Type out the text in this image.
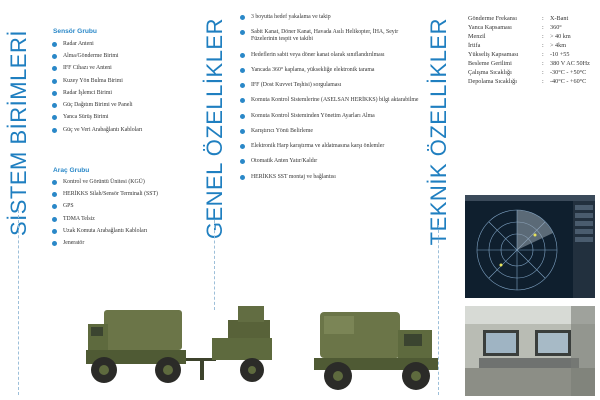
SİSTEM BİRİMLERİ	GENEL ÖZELLİKLER	TEKNİK ÖZELLİKLER
Sensör Grubu
Radar Anteni
Alma/Gönderme Birimi
IFF Cihazı ve Anteni
Kuzey Yön Bulma Birimi
Radar İşlemci Birimi
Güç Dağıtım Birimi ve Paneli
Yanca Sürüş Birimi
Güç ve Veri Arabağlantı Kabloları
Araç Grubu
Kontrol ve Görüntü Ünitesi (KGÜ)
HERİKKS Silah/Sensör Terminali (SST)
GPS
TDMA Telsiz
Uzak Komuta Arabağlantı Kabloları
Jeneratör
3 boyutta hedef yakalama ve takip
Sabit Kanat, Döner Kanat, Havada Asılı Helikopter, İHA, Seyir Füzelerinin tespit ve takibi
Hedeflerin sabit veya döner kanat olarak sınıflandırılması
Yancada 360° kaplama, yüksekliğe elektronik tarama
IFF (Dost Kuvvet Teşhisi) sorgulaması
Komuta Kontrol Sistemlerine (ASELSAN HERİKKS) bilgi aktarabilme
Komuta Kontrol Sisteminden Yönetim Ayarları Alma
Karıştırıcı Yönü Belirleme
Elektronik Harp karıştırma ve aldatmasına karşı önlemler
Otomatik Anten Yatır/Kaldır
HERİKKS SST montaj ve bağlantısı
Gönderme Frekansı	:	X-Bant
Yanca Kapsaması	:	360°
Menzil	:	> 40 km
İrtifa	:	> 4km
Yükseliş Kapsaması	:	-10 +55
Besleme Gerilimi	:	380 V AC 50Hz
Çalışma Sıcaklığı	:	-30°C - +50°C
Depolama Sıcaklığı	:	-40°C - +60°C
